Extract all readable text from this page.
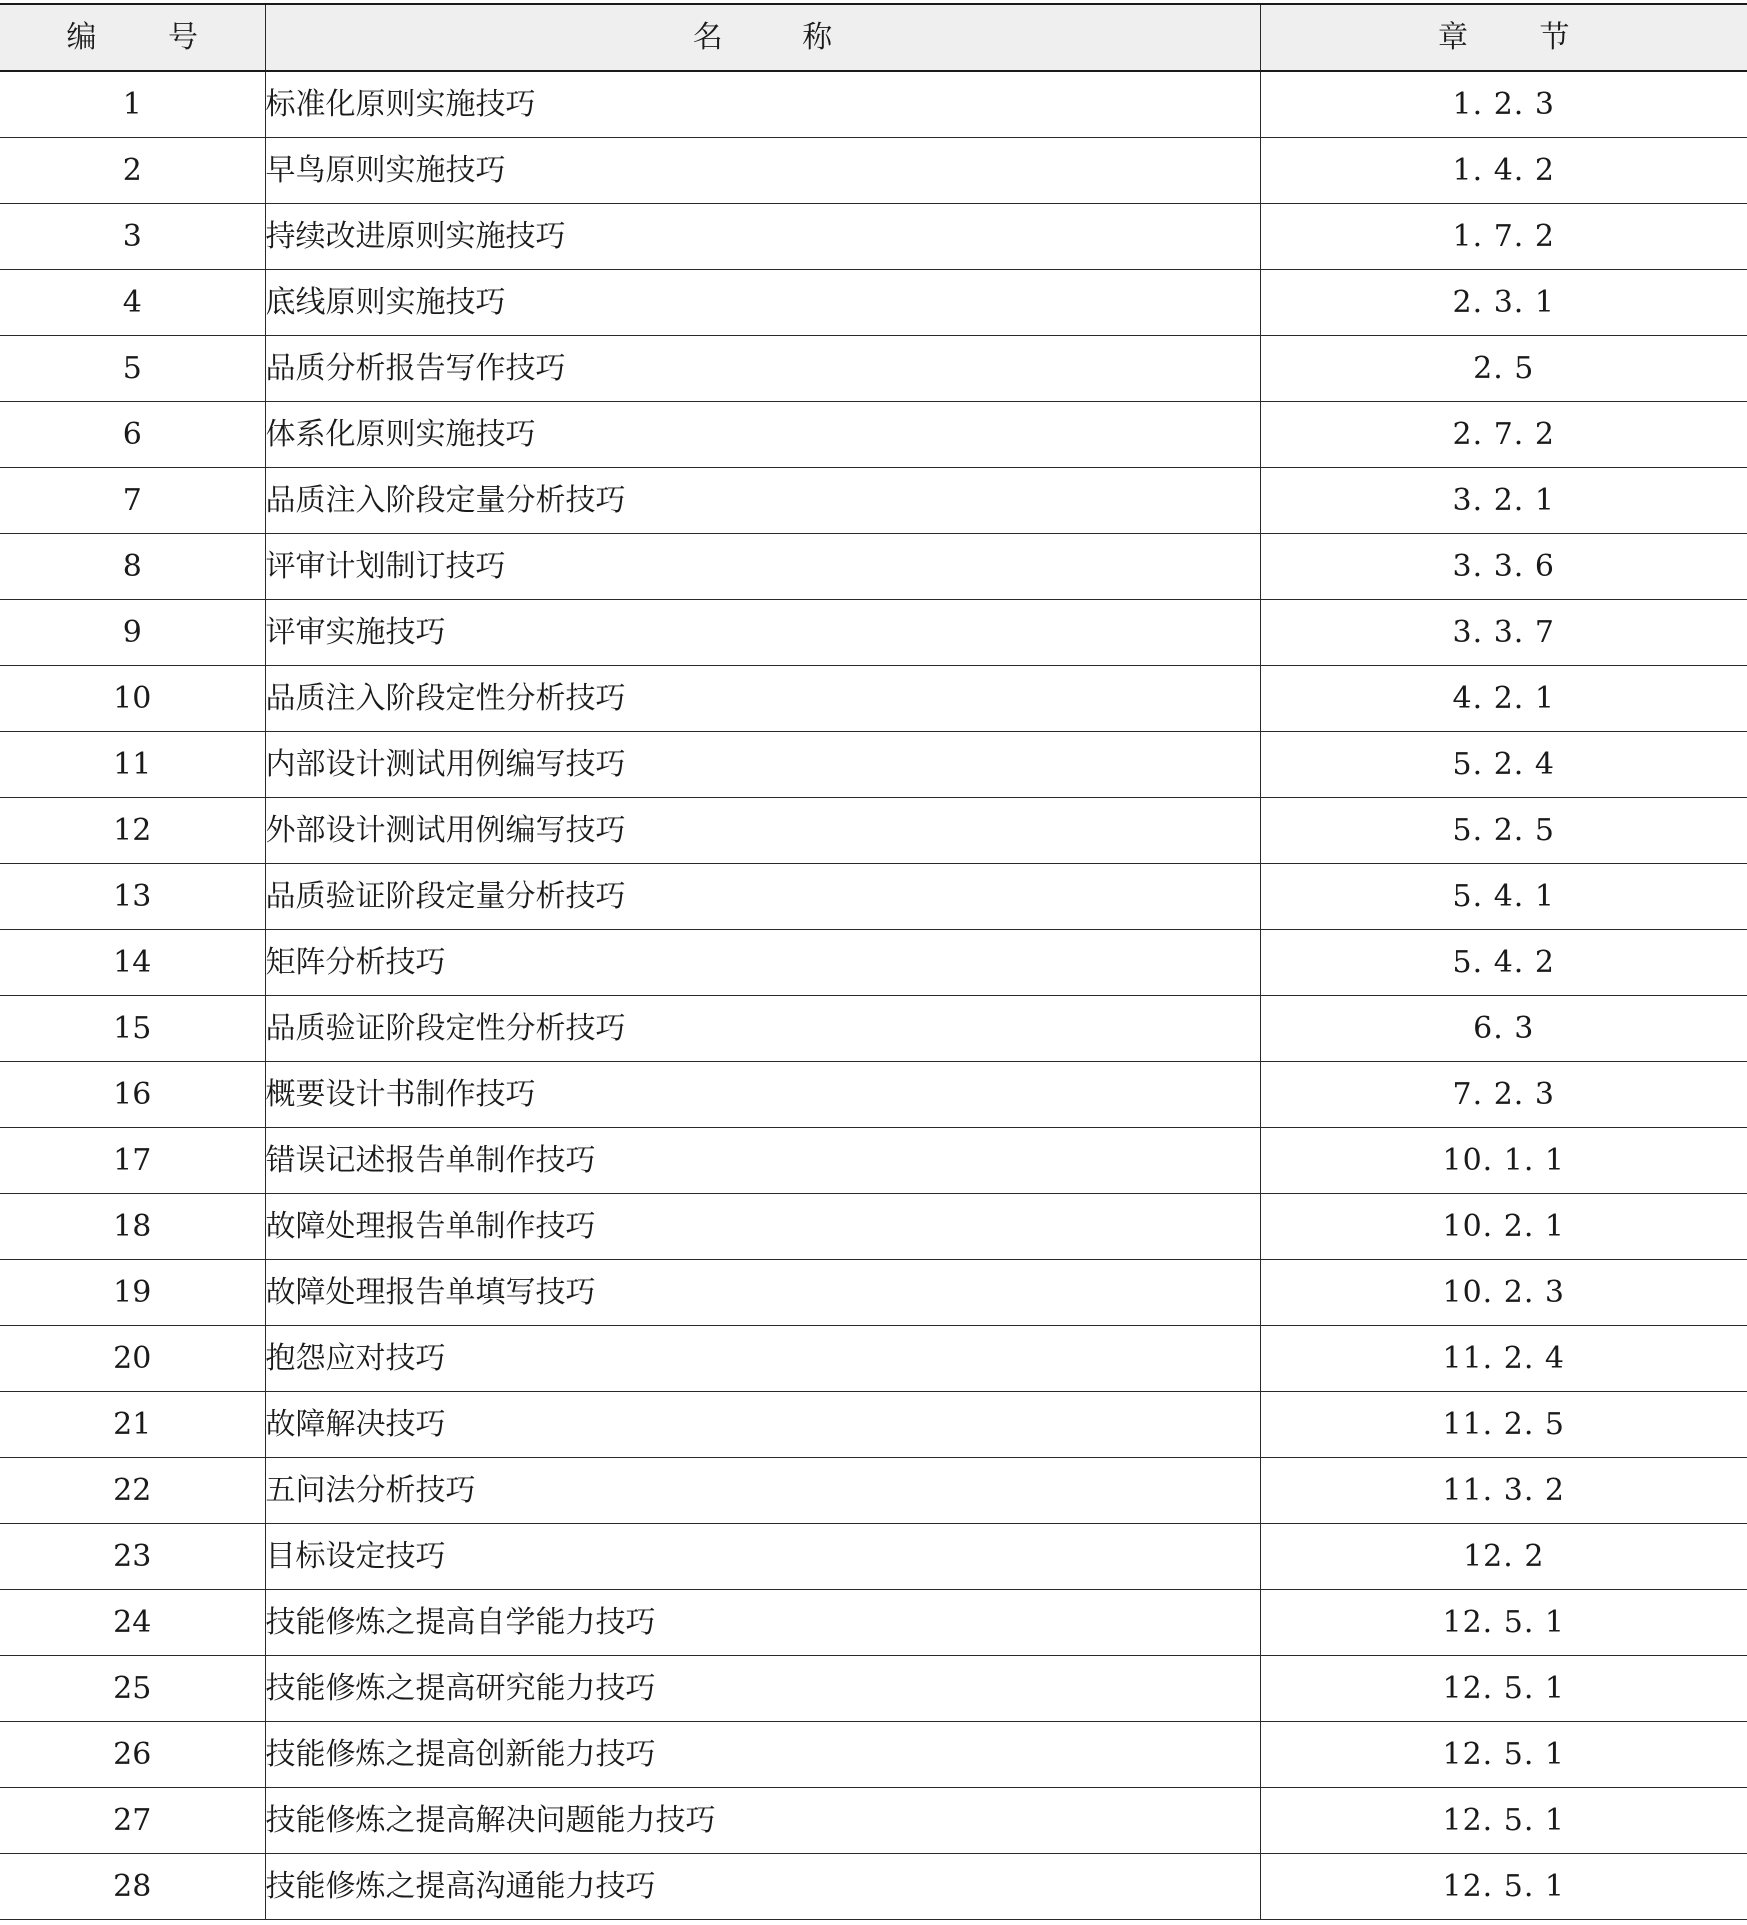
编 号	名 称	章 节
1	标准化原则实施技巧	1. 2. 3
2	早鸟原则实施技巧	1. 4. 2
3	持续改进原则实施技巧	1. 7. 2
4	底线原则实施技巧	2. 3. 1
5	品质分析报告写作技巧	2. 5
6	体系化原则实施技巧	2. 7. 2
7	品质注入阶段定量分析技巧	3. 2. 1
8	评审计划制订技巧	3. 3. 6
9	评审实施技巧	3. 3. 7
10	品质注入阶段定性分析技巧	4. 2. 1
11	内部设计测试用例编写技巧	5. 2. 4
12	外部设计测试用例编写技巧	5. 2. 5
13	品质验证阶段定量分析技巧	5. 4. 1
14	矩阵分析技巧	5. 4. 2
15	品质验证阶段定性分析技巧	6. 3
16	概要设计书制作技巧	7. 2. 3
17	错误记述报告单制作技巧	10. 1. 1
18	故障处理报告单制作技巧	10. 2. 1
19	故障处理报告单填写技巧	10. 2. 3
20	抱怨应对技巧	11. 2. 4
21	故障解决技巧	11. 2. 5
22	五问法分析技巧	11. 3. 2
23	目标设定技巧	12. 2
24	技能修炼之提高自学能力技巧	12. 5. 1
25	技能修炼之提高研究能力技巧	12. 5. 1
26	技能修炼之提高创新能力技巧	12. 5. 1
27	技能修炼之提高解决问题能力技巧	12. 5. 1
28	技能修炼之提高沟通能力技巧	12. 5. 1
